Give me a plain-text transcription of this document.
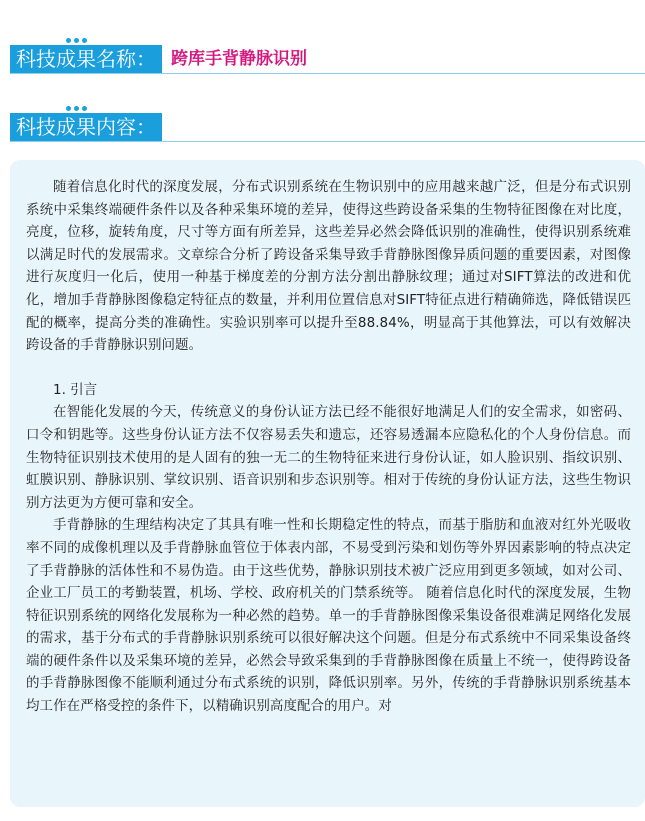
科技成果名称： 跨库手背静脉识别
科技成果内容：

随着信息化时代的深度发展，分布式识别系统在生物识别中的应用越来越广泛，但是分布式识别系统中采集终端硬件条件以及各种采集环境的差异，使得这些跨设备采集的生物特征图像在对比度，亮度，位移，旋转角度，尺寸等方面有所差异，这些差异必然会降低识别的准确性，使得识别系统难以满足时代的发展需求。文章综合分析了跨设备采集导致手背静脉图像异质问题的重要因素，对图像进行灰度归一化后，使用一种基于梯度差的分割方法分割出静脉纹理；通过对SIFT算法的改进和优化，增加手背静脉图像稳定特征点的数量，并利用位置信息对SIFT特征点进行精确筛选，降低错误匹配的概率，提高分类的准确性。实验识别率可以提升至88.84%，明显高于其他算法，可以有效解决跨设备的手背静脉识别问题。

1. 引言

在智能化发展的今天，传统意义的身份认证方法已经不能很好地满足人们的安全需求，如密码、口令和钥匙等。这些身份认证方法不仅容易丢失和遗忘，还容易透漏本应隐私化的个人身份信息。而生物特征识别技术使用的是人固有的独一无二的生物特征来进行身份认证，如人脸识别、指纹识别、虹膜识别、静脉识别、掌纹识别、语音识别和步态识别等。相对于传统的身份认证方法，这些生物识别方法更为方便可靠和安全。

手背静脉的生理结构决定了其具有唯一性和长期稳定性的特点，而基于脂肪和血液对红外光吸收率不同的成像机理以及手背静脉血管位于体表内部，不易受到污染和划伤等外界因素影响的特点决定了手背静脉的活体性和不易伪造。由于这些优势，静脉识别技术被广泛应用到更多领域，如对公司、企业工厂员工的考勤装置，机场、学校、政府机关的门禁系统等。 随着信息化时代的深度发展，生物特征识别系统的网络化发展称为一种必然的趋势。单一的手背静脉图像采集设备很难满足网络化发展的需求，基于分布式的手背静脉识别系统可以很好解决这个问题。但是分布式系统中不同采集设备终端的硬件条件以及采集环境的差异，必然会导致采集到的手背静脉图像在质量上不统一，使得跨设备的手背静脉图像不能顺利通过分布式系统的识别，降低识别率。另外，传统的手背静脉识别系统基本均工作在严格受控的条件下，以精确识别高度配合的用户。对
